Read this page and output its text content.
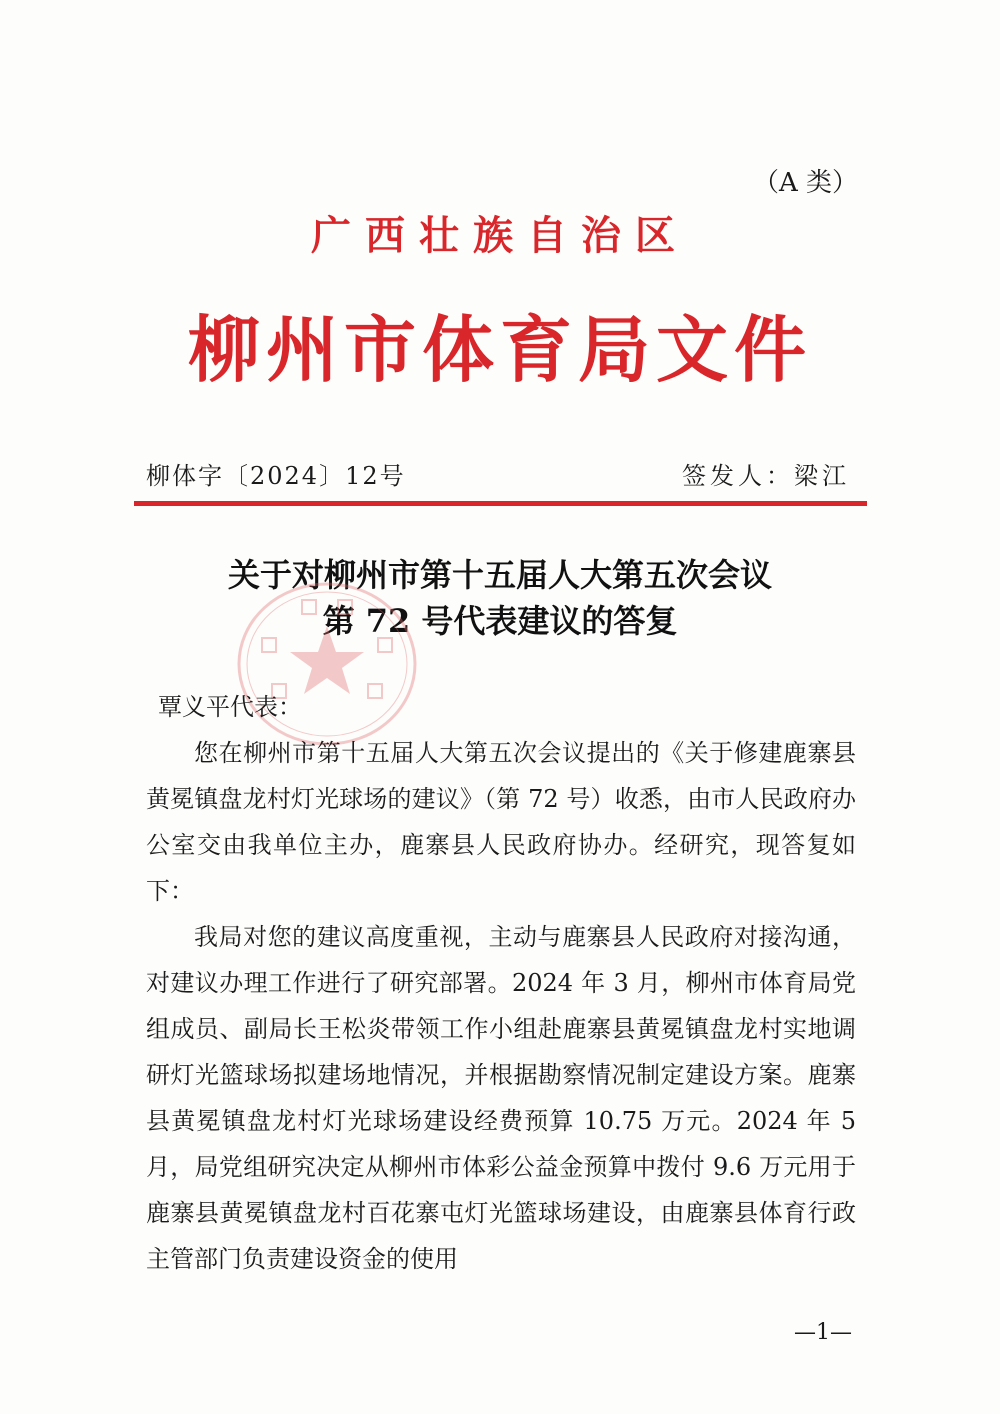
（A 类）
广西壮族自治区
柳州市体育局文件
柳体字〔2024〕12号	签发人：梁江
关于对柳州市第十五届人大第五次会议
第 72 号代表建议的答复

覃义平代表：

您在柳州市第十五届人大第五次会议提出的《关于修建鹿寨县黄冕镇盘龙村灯光球场的建议》（第 72 号）收悉，由市人民政府办公室交由我单位主办，鹿寨县人民政府协办。经研究，现答复如下：

我局对您的建议高度重视，主动与鹿寨县人民政府对接沟通，对建议办理工作进行了研究部署。2024 年 3 月，柳州市体育局党组成员、副局长王松炎带领工作小组赴鹿寨县黄冕镇盘龙村实地调研灯光篮球场拟建场地情况，并根据勘察情况制定建设方案。鹿寨县黄冕镇盘龙村灯光球场建设经费预算 10.75 万元。2024 年 5 月，局党组研究决定从柳州市体彩公益金预算中拨付 9.6 万元用于鹿寨县黄冕镇盘龙村百花寨屯灯光篮球场建设，由鹿寨县体育行政主管部门负责建设资金的使用

—1—
